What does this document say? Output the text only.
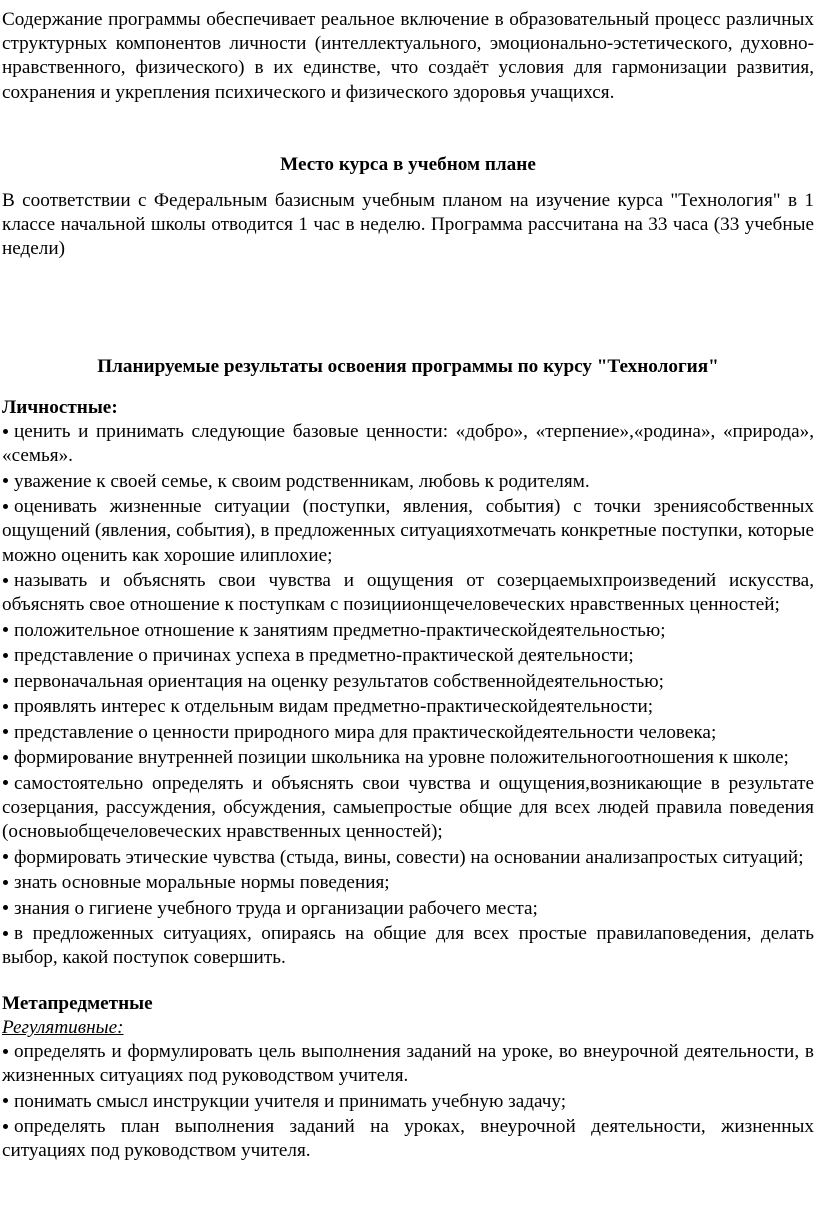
Содержание программы обеспечивает реальное включение в образовательный процесс различных структурных компонентов личности (интеллектуального, эмоционально-эстетического, духовно-нравственного, физического) в их единстве, что создаёт условия для гармонизации развития, сохранения и укрепления психического и физического здоровья учащихся.

Место курса в учебном плане

В соответствии с Федеральным базисным учебным планом на изучение курса "Технология" в 1 классе начальной школы отводится 1 час в неделю. Программа рассчитана на 33 часа (33 учебные недели)

Планируемые результаты освоения программы по курсу "Технология"

Личностные:

ценить и принимать следующие базовые ценности: «добро», «терпение»,«родина», «природа», «семья».
уважение к своей семье, к своим родственникам, любовь к родителям.
оценивать жизненные ситуации (поступки, явления, события) с точки зрениясобственных ощущений (явления, события), в предложенных ситуацияхотмечать конкретные поступки, которые можно оценить как хорошие илиплохие;
называть и объяснять свои чувства и ощущения от созерцаемыхпроизведений искусства, объяснять свое отношение к поступкам с позициионщечеловеческих нравственных ценностей;
положительное отношение к занятиям предметно-практическойдеятельностью;
представление о причинах успеха в предметно-практической деятельности;
первоначальная ориентация на оценку результатов собственнойдеятельностью;
проявлять интерес к отдельным видам предметно-практическойдеятельности;
представление о ценности природного мира для практическойдеятельности человека;
формирование внутренней позиции школьника на уровне положительногоотношения к школе;
самостоятельно определять и объяснять свои чувства и ощущения,возникающие в результате созерцания, рассуждения, обсуждения, самыепростые общие для всех людей правила поведения (основыобщечеловеческих нравственных ценностей);
формировать этические чувства (стыда, вины, совести) на основании анализапростых ситуаций;
знать основные моральные нормы поведения;
знания о гигиене учебного труда и организации рабочего места;
в предложенных ситуациях, опираясь на общие для всех простые правилаповедения, делать выбор, какой поступок совершить.

Метапредметные

Регулятивные:

определять и формулировать цель выполнения заданий на уроке, во внеурочной деятельности, в жизненных ситуациях под руководством учителя.
понимать смысл инструкции учителя и принимать учебную задачу;
определять план выполнения заданий на уроках, внеурочной деятельности, жизненных ситуациях под руководством учителя.
